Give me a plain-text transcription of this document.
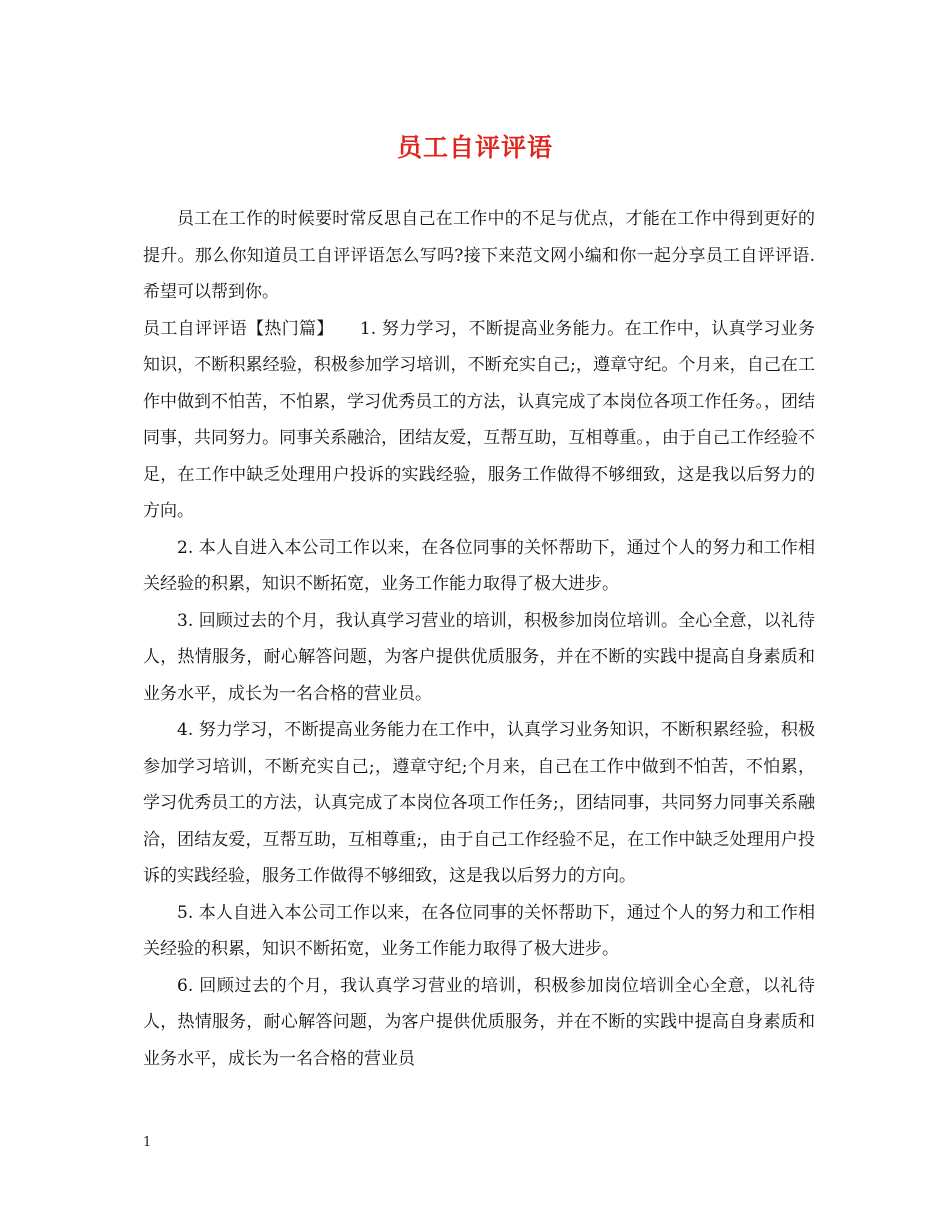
员工自评评语

员工在工作的时候要时常反思自己在工作中的不足与优点，才能在工作中得到更好的提升。那么你知道员工自评评语怎么写吗?接下来范文网小编和你一起分享员工自评评语.希望可以帮到你。

员工自评评语【热门篇】　　1. 努力学习，不断提高业务能力。在工作中，认真学习业务知识，不断积累经验，积极参加学习培训，不断充实自己;，遵章守纪。个月来，自己在工作中做到不怕苦，不怕累，学习优秀员工的方法，认真完成了本岗位各项工作任务。，团结同事，共同努力。同事关系融洽，团结友爱，互帮互助，互相尊重。，由于自己工作经验不足，在工作中缺乏处理用户投诉的实践经验，服务工作做得不够细致，这是我以后努力的方向。

2. 本人自进入本公司工作以来，在各位同事的关怀帮助下，通过个人的努力和工作相关经验的积累，知识不断拓宽，业务工作能力取得了极大进步。

3. 回顾过去的个月，我认真学习营业的培训，积极参加岗位培训。全心全意，以礼待人，热情服务，耐心解答问题，为客户提供优质服务，并在不断的实践中提高自身素质和业务水平，成长为一名合格的营业员。

4. 努力学习，不断提高业务能力在工作中，认真学习业务知识，不断积累经验，积极参加学习培训，不断充实自己;，遵章守纪;个月来，自己在工作中做到不怕苦，不怕累，学习优秀员工的方法，认真完成了本岗位各项工作任务;，团结同事，共同努力同事关系融洽，团结友爱，互帮互助，互相尊重;，由于自己工作经验不足，在工作中缺乏处理用户投诉的实践经验，服务工作做得不够细致，这是我以后努力的方向。

5. 本人自进入本公司工作以来，在各位同事的关怀帮助下，通过个人的努力和工作相关经验的积累，知识不断拓宽，业务工作能力取得了极大进步。

6. 回顾过去的个月，我认真学习营业的培训，积极参加岗位培训全心全意，以礼待人，热情服务，耐心解答问题，为客户提供优质服务，并在不断的实践中提高自身素质和业务水平，成长为一名合格的营业员

1
